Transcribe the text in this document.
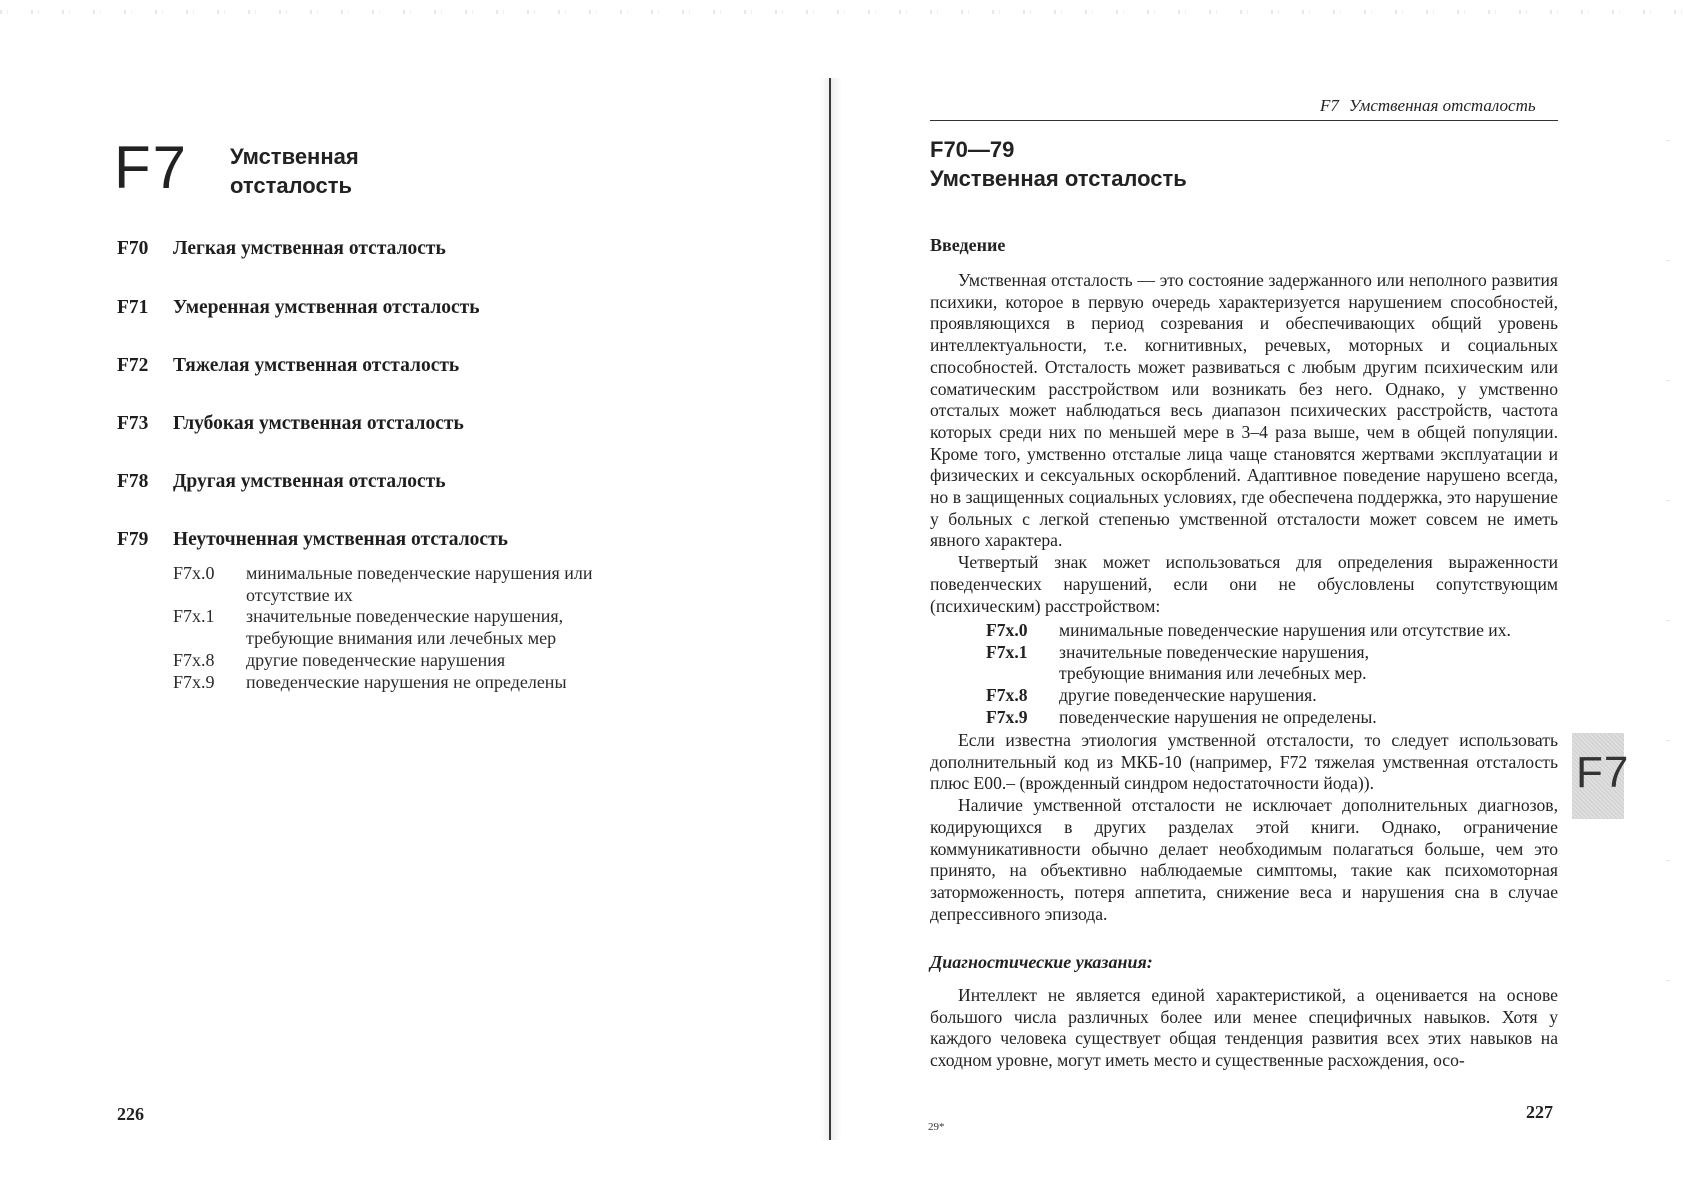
F7 Умственная
отсталость
F70 Легкая умственная отсталость
F71 Умеренная умственная отсталость
F72 Тяжелая умственная отсталость
F73 Глубокая умственная отсталость
F78 Другая умственная отсталость
F79 Неуточненная умственная отсталость
F7x.0	минимальные поведенческие нарушения или отсутствие их
F7x.1	значительные поведенческие нарушения, требующие внимания или лечебных мер
F7x.8	другие поведенческие нарушения
F7x.9	поведенческие нарушения не определены
226
F7 Умственная отсталость
F70—79
Умственная отсталость
Введение

Умственная отсталость — это состояние задержанного или неполного развития психики, которое в первую очередь характеризуется нарушением способностей, проявляющихся в период созревания и обеспечивающих общий уровень интеллектуальности, т.е. когнитивных, речевых, моторных и социальных способностей. Отсталость может развиваться с любым другим психическим или соматическим расстройством или возникать без него. Однако, у умственно отсталых может наблюдаться весь диапазон психических расстройств, частота которых среди них по меньшей мере в 3–4 раза выше, чем в общей популяции. Кроме того, умственно отсталые лица чаще становятся жертвами эксплуатации и физических и сексуальных оскорблений. Адаптивное поведение нарушено всегда, но в защищенных социальных условиях, где обеспечена поддержка, это нарушение у больных с легкой степенью умственной отсталости может совсем не иметь явного характера.

Четвертый знак может использоваться для определения выраженности поведенческих нарушений, если они не обусловлены сопутствующим (психическим) расстройством:

F7x.0	минимальные поведенческие нарушения или отсутствие их.
F7x.1	значительные поведенческие нарушения,
требующие внимания или лечебных мер.
F7x.8	другие поведенческие нарушения.
F7x.9	поведенческие нарушения не определены.

Если известна этиология умственной отсталости, то следует использовать дополнительный код из МКБ-10 (например, F72 тяжелая умственная отсталость плюс Е00.– (врожденный синдром недостаточности йода)).

Наличие умственной отсталости не исключает дополнительных диагнозов, кодирующихся в других разделах этой книги. Однако, ограничение коммуникативности обычно делает необходимым полагаться больше, чем это принято, на объективно наблюдаемые симптомы, такие как психомоторная заторможенность, потеря аппетита, снижение веса и нарушения сна в случае депрессивного эпизода.

Диагностические указания:

Интеллект не является единой характеристикой, а оценивается на основе большого числа различных более или менее специфичных навыков. Хотя у каждого человека существует общая тенденция развития всех этих навыков на сходном уровне, могут иметь место и существенные расхождения, осо-

29*
227
F7
